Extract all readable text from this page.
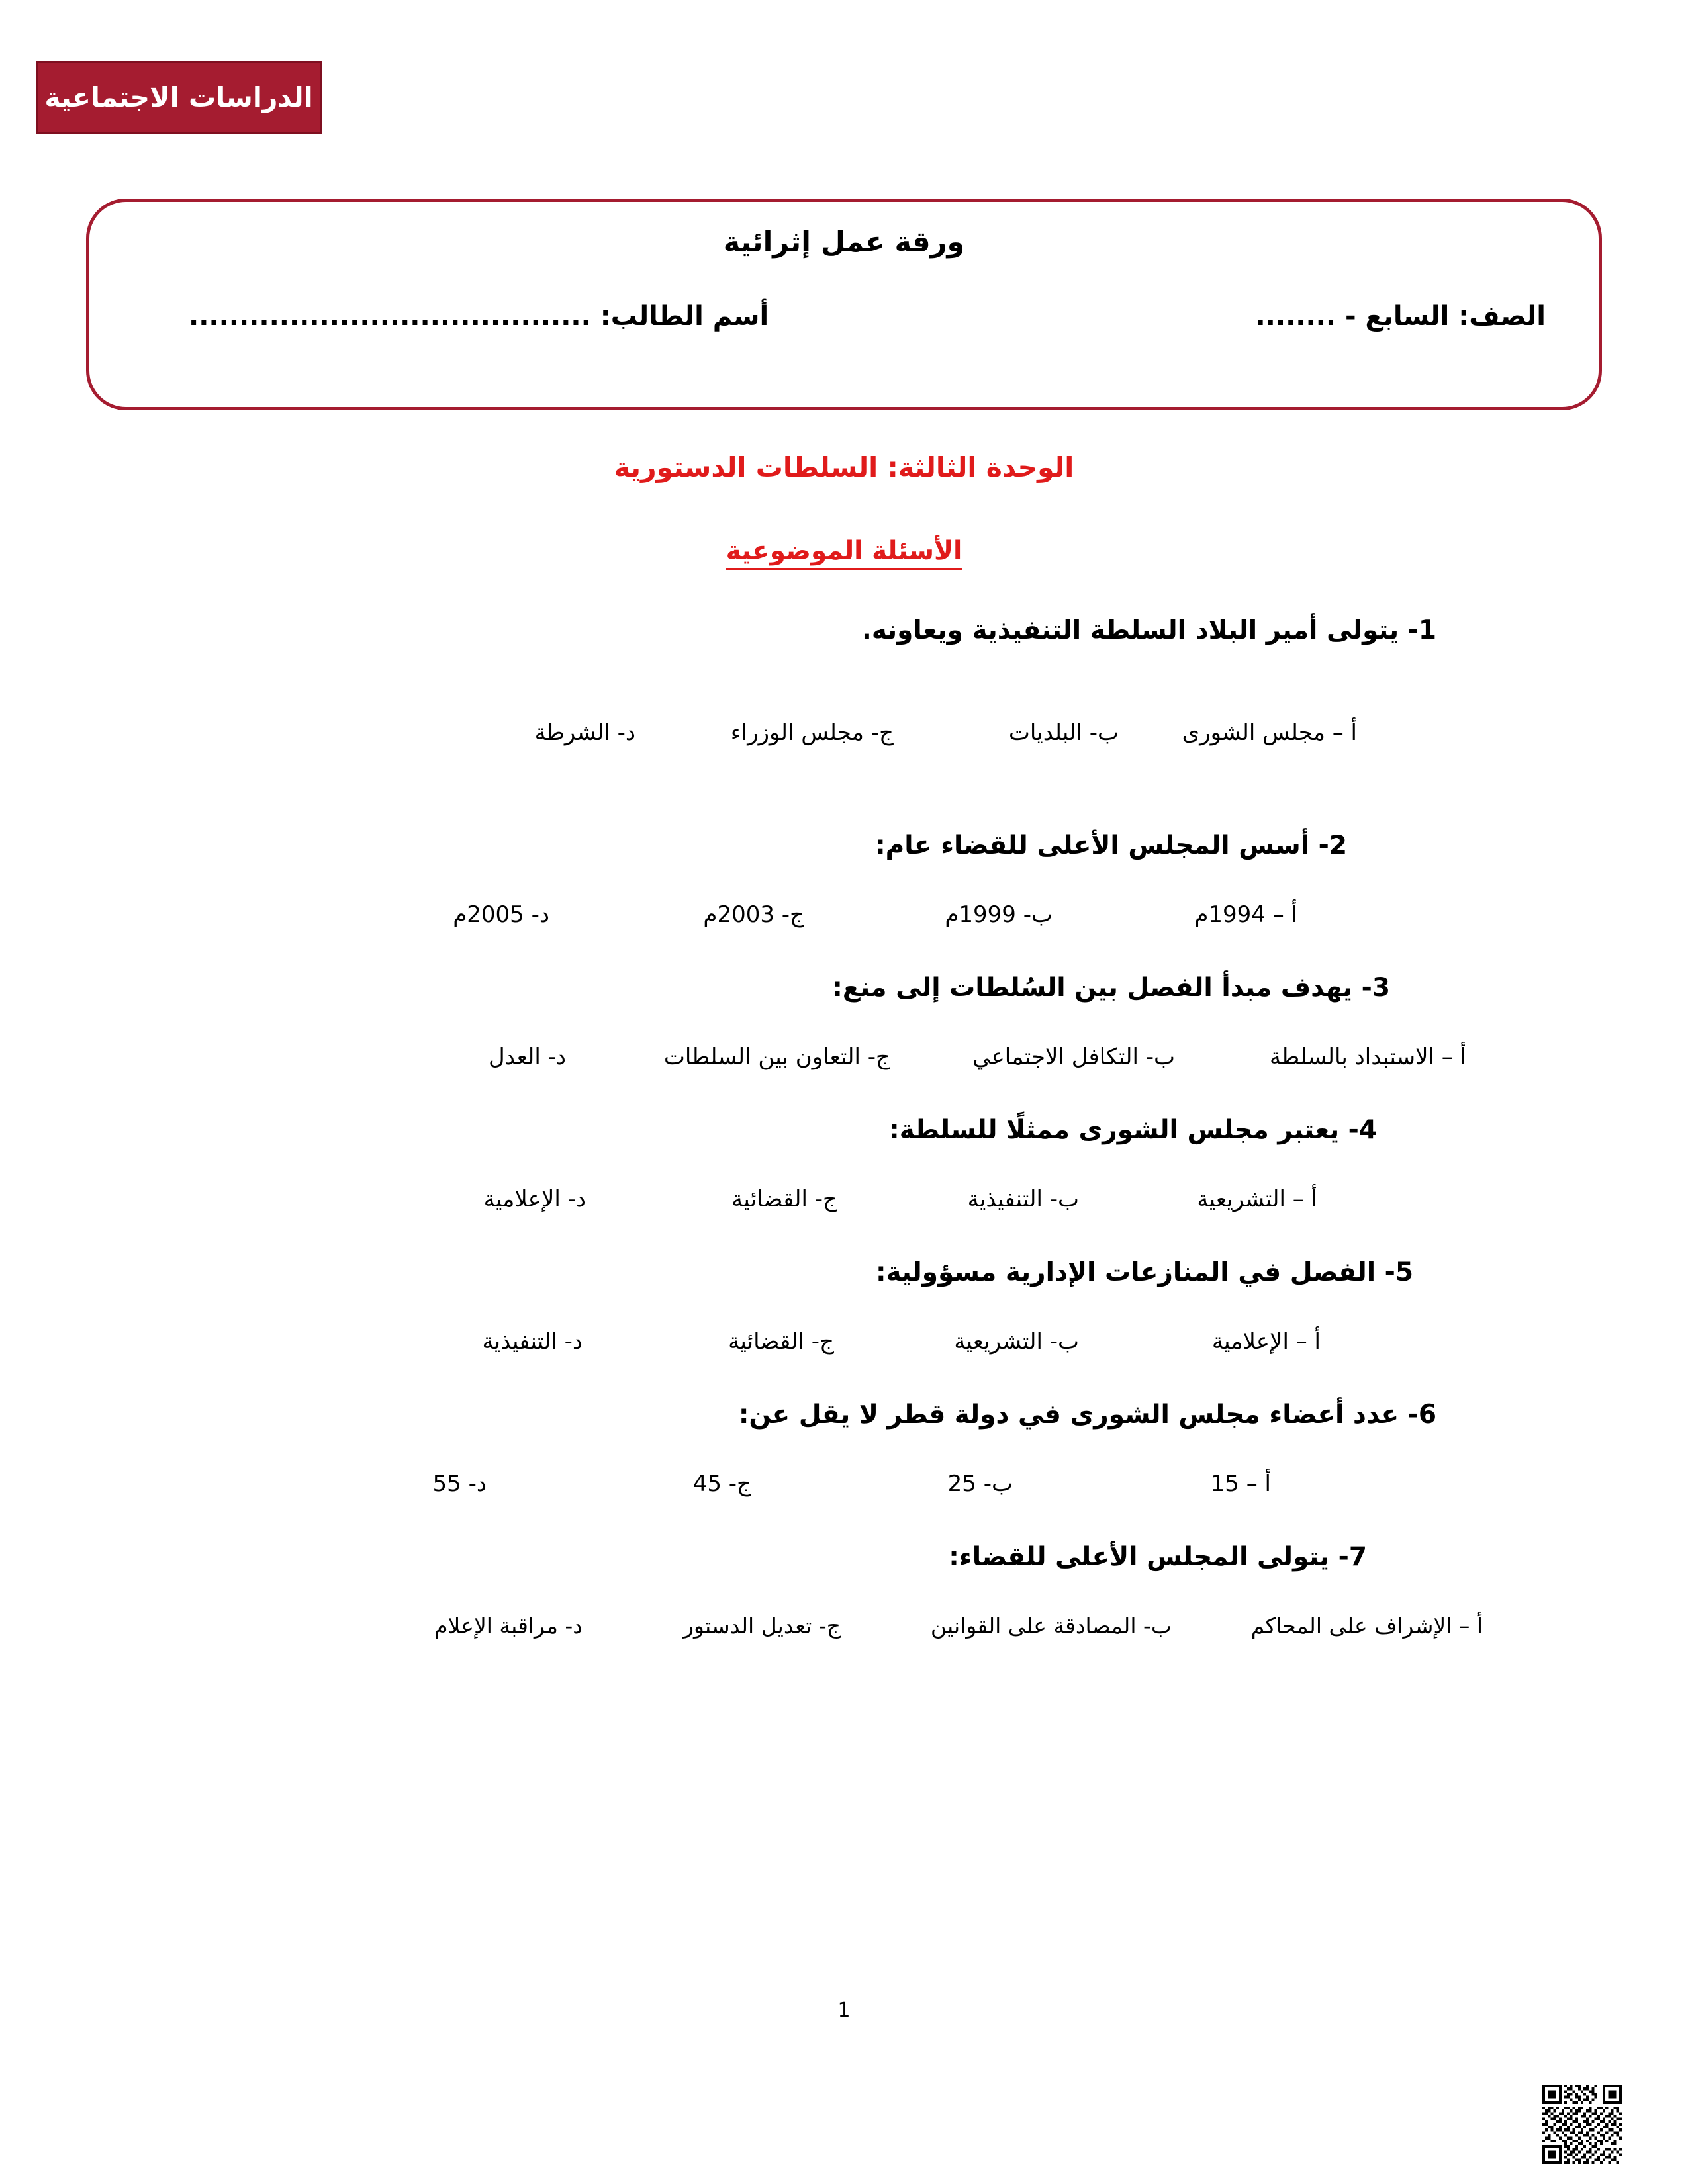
الدراسات الاجتماعية
ورقة عمل إثرائية
الصف: السابع - ........
أسم الطالب: ........................................
الوحدة الثالثة: السلطات الدستورية
الأسئلة الموضوعية
1- يتولى أمير البلاد السلطة التنفيذية ويعاونه.
أ – مجلس الشورى
ب- البلديات
ج- مجلس الوزراء
د- الشرطة
2- أسس المجلس الأعلى للقضاء عام:
أ – 1994م
ب- 1999م
ج- 2003م
د- 2005م
3- يهدف مبدأ الفصل بين السُلطات إلى منع:
أ – الاستبداد بالسلطة
ب- التكافل الاجتماعي
ج- التعاون بين السلطات
د- العدل
4- يعتبر مجلس الشورى ممثلًا للسلطة:
أ – التشريعية
ب- التنفيذية
ج- القضائية
د- الإعلامية
5- الفصل في المنازعات الإدارية مسؤولية:
أ – الإعلامية
ب- التشريعية
ج- القضائية
د- التنفيذية
6- عدد أعضاء مجلس الشورى في دولة قطر لا يقل عن:
أ – 15
ب- 25
ج- 45
د- 55
7- يتولى المجلس الأعلى للقضاء:
أ – الإشراف على المحاكم
ب- المصادقة على القوانين
ج- تعديل الدستور
د- مراقبة الإعلام
1
